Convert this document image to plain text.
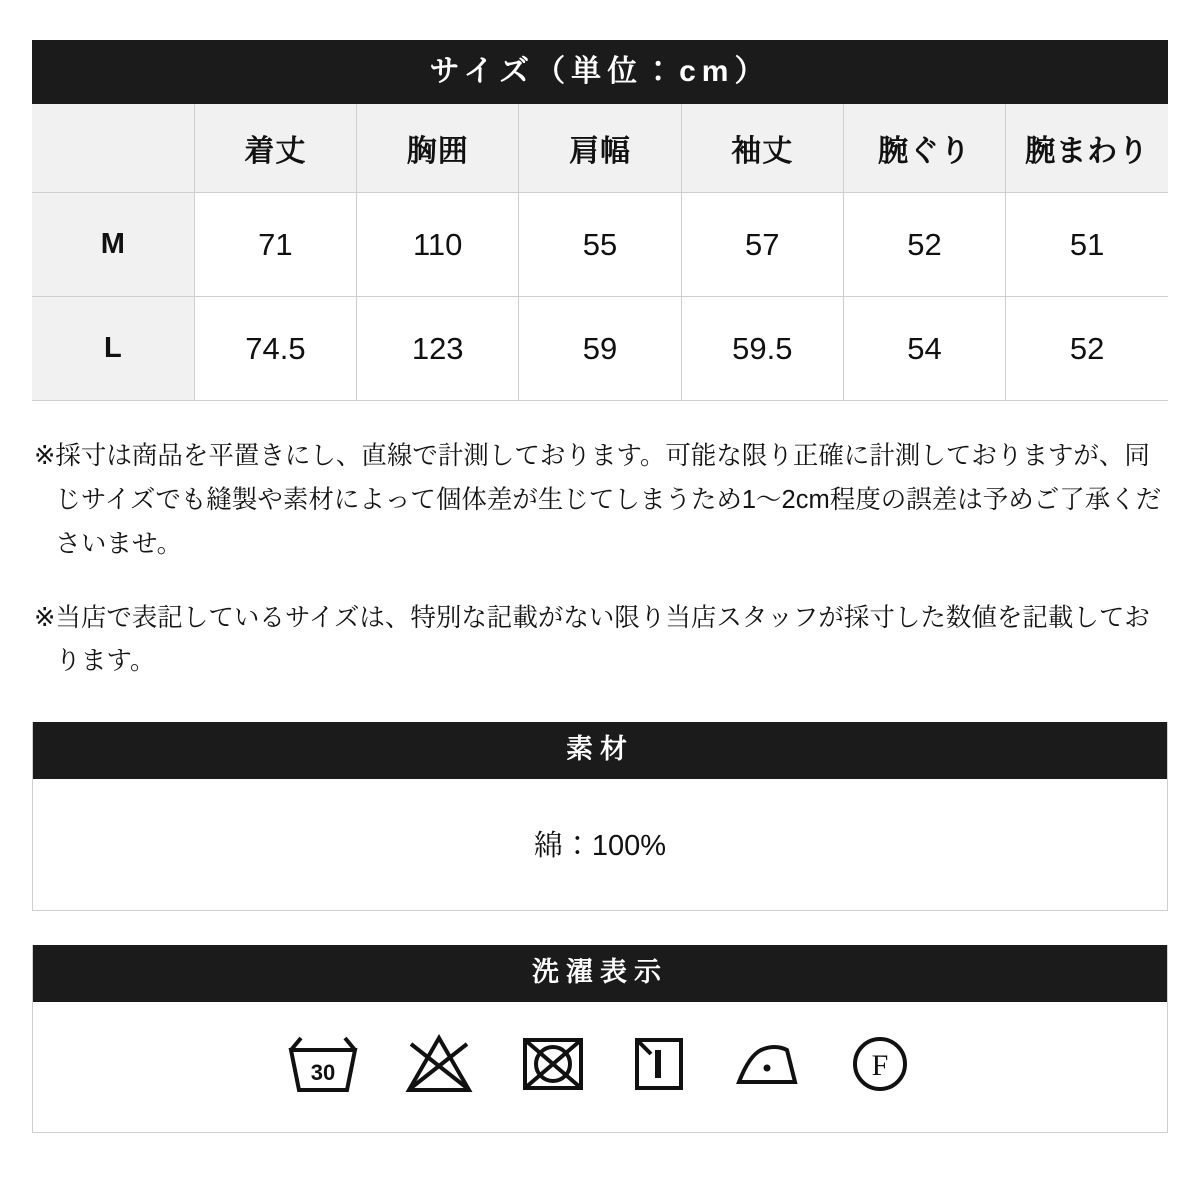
サイズ（単位：cm）
	着丈	胸囲	肩幅	袖丈	腕ぐり	腕まわり
M	71	110	55	57	52	51
L	74.5	123	59	59.5	54	52
※ 採寸は商品を平置きにし、直線で計測しております。可能な限り正確に計測しておりますが、同じサイズでも縫製や素材によって個体差が生じてしまうため1〜2cm程度の誤差は予めご了承くださいませ。
※ 当店で表記しているサイズは、特別な記載がない限り当店スタッフが採寸した数値を記載しております。
素材
綿：100%
洗濯表示
30	F
